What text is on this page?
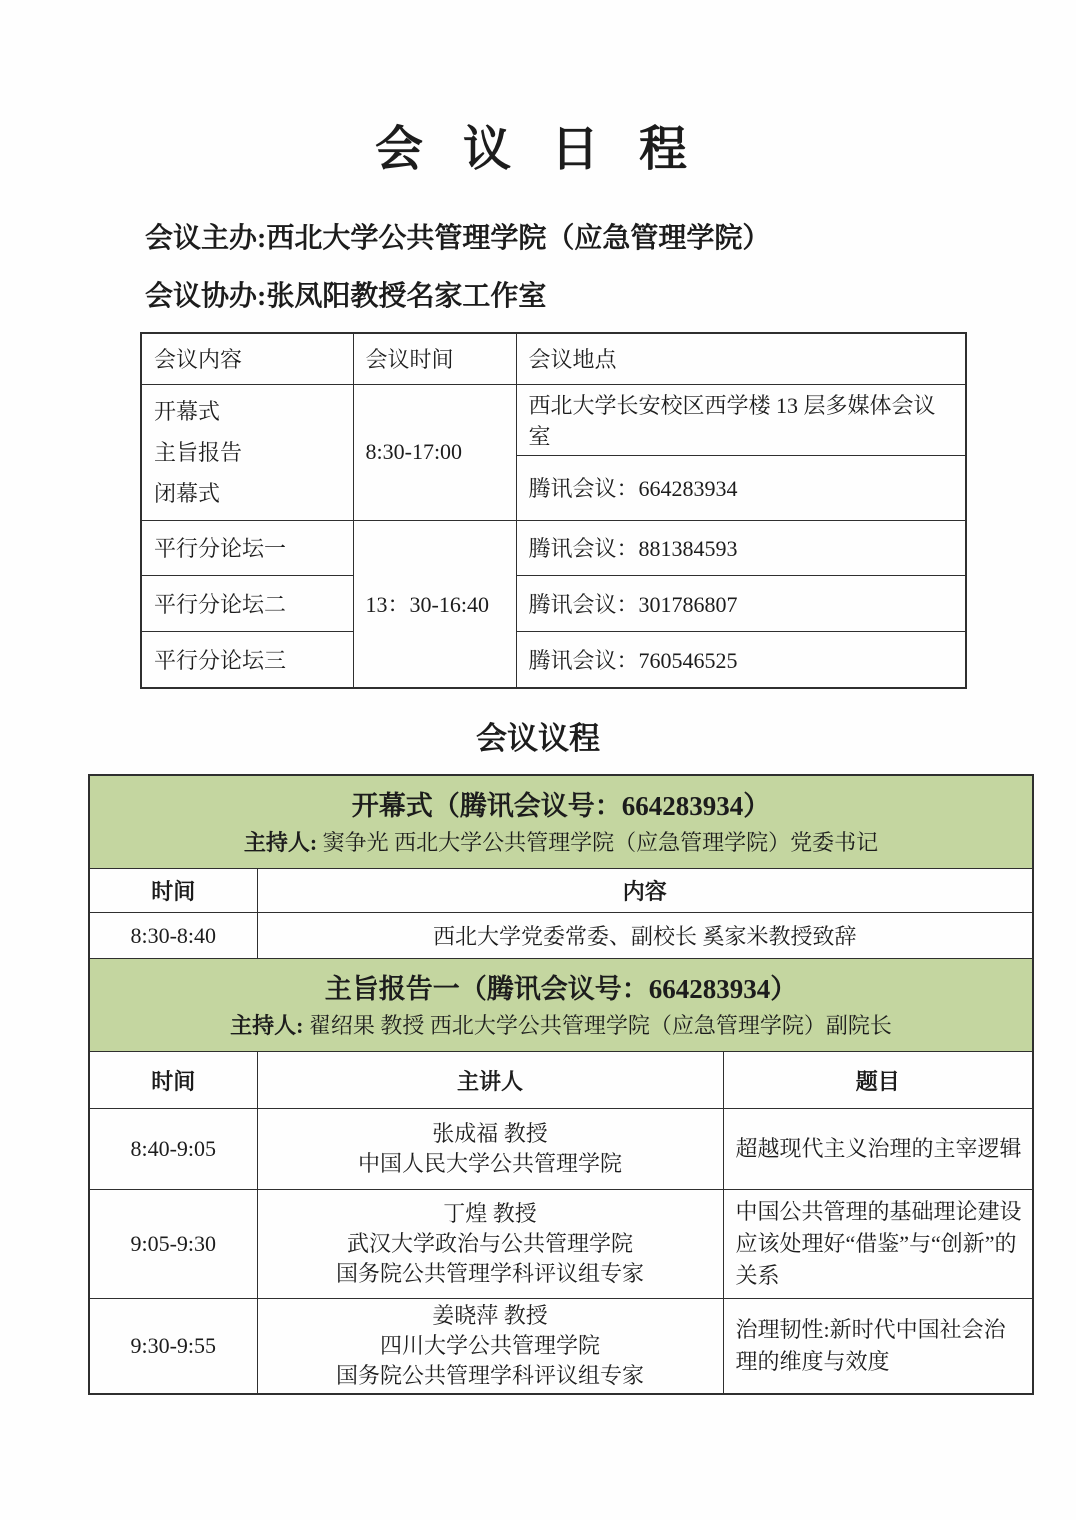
会 议 日 程

会议主办:西北大学公共管理学院（应急管理学院）

会议协办:张凤阳教授名家工作室

会议内容	会议时间	会议地点

开幕式
主旨报告
闭幕式	8:30-17:00	西北大学长安校区西学楼 13 层多媒体会议室
		腾讯会议：664283934
平行分论坛一	13：30-16:40	腾讯会议：881384593
平行分论坛二		腾讯会议：301786807
平行分论坛三		腾讯会议：760546525
会议议程
开幕式（腾讯会议号：664283934）
主持人: 窦争光 西北大学公共管理学院（应急管理学院）党委书记		

时间	内容	
8:30-8:40	西北大学党委常委、副校长 奚家米教授致辞	

主旨报告一（腾讯会议号：664283934）
主持人: 翟绍果 教授 西北大学公共管理学院（应急管理学院）副院长		

时间	主讲人	题目
8:40-9:05	张成福 教授
中国人民大学公共管理学院	超越现代主义治理的主宰逻辑
9:05-9:30	丁煌 教授
武汉大学政治与公共管理学院
国务院公共管理学科评议组专家	中国公共管理的基础理论建设应该处理好“借鉴”与“创新”的关系
9:30-9:55	姜晓萍 教授
四川大学公共管理学院
国务院公共管理学科评议组专家	治理韧性:新时代中国社会治理的维度与效度
